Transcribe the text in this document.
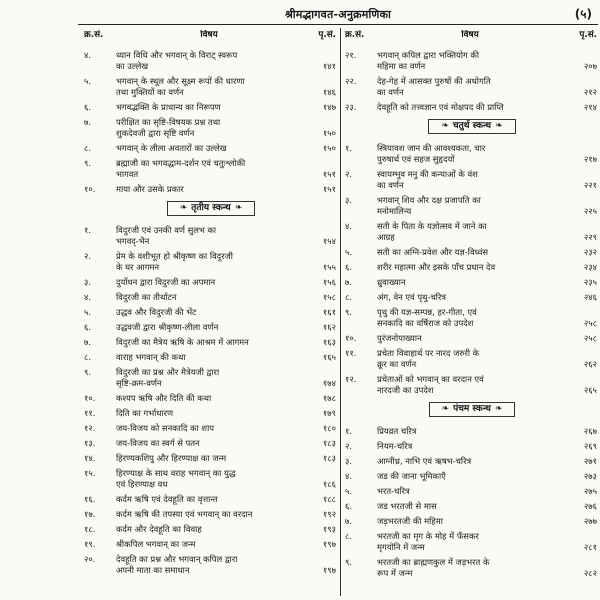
श्रीमद्भागवत-अनुक्रमणिका	(५)
क्र.सं.	विषय	पृ.सं.
४.	ध्यान विधि और भगवान् के विराट् स्वरूप
का उल्लेख	१४१
५.	भगवान् के स्थूल और सूक्ष्म रूपों की धारणा
तथा मुक्तियों का वर्णन	१४६
६.	भगवद्भक्ति के प्राधान्य का निरूपण	१४७
७.	परीक्षित का सृष्टि-विषयक प्रश्न तथा
शुकदेवजी द्वारा सृष्टि वर्णन	१५०
८.	भगवान् के लीला अवतारों का उल्लेख	१५०
९.	ब्रह्माजी का भगवद्धाम-दर्शन एवं चतुःश्लोकी
भागवत	१५१
१०.	माया और उसके प्रकार	१५१
❧ तृतीय स्कन्ध ❧
१.	विदुरजी एवं उनकी वर्ण सुलभ का
भगवद्-भैन	१५४
२.	प्रेम के वशीभूत हो श्रीकृष्ण का विदुरजी
के घर आगमन	१५५
३.	दुर्योधन द्वारा विदुरजी का अपमान	१५६
४.	विदुरजी का तीर्थाटन	१५८
५.	उद्धव और विदुरजी की भेंट	१६१
६.	उद्धवजी द्वारा श्रीकृष्ण-लीला वर्णन	१६२
७.	विदुरजी का मैत्रेय ऋषि के आश्रम में आगमन	१६३
८.	वाराह भगवान् की कथा	१६५
९.	विदुरजी का प्रश्न और मैत्रेयजी द्वारा
सृष्टि-क्रम-वर्णन	१७४
१०.	कश्यप ऋषि और दिति की कथा	१७८
११.	दिति का गर्भाधारण	१७९
१२.	जय-विजय को सनकादि का शाप	१८०
१३.	जय-विजय का स्वर्ग से पतन	१८३
१४.	हिरण्यकशिपु और हिरण्याक्ष का जन्म	१८३
१५.	हिरण्याक्ष के साथ वराह भगवान् का युद्ध
एवं हिरण्याक्ष वध	१८६
१६.	कर्दम ऋषि एवं देवहूति का वृत्तान्त	१८८
१७.	कर्दम ऋषि की तपस्या एवं भगवान् का वरदान	१९२
१८.	कर्दम और देवहूति का विवाह	१९३
१९.	श्रीकपिल भगवान् का जन्म	१९७
२०.	देवहूति का प्रश्न और भगवान् कपिल द्वारा
अपनी माता का समाधान	१९७
क्र.सं.	विषय	पृ.सं.
२१.	भगवान् कपिल द्वारा भक्तियोग की
महिमा का वर्णन	२०७
२२.	देह-गेह में आसक्त पुरुषों की अधोगति
का वर्णन	२१२
२३.	देवहूति को तत्त्वज्ञान एवं मोक्षपद की प्राप्ति	२१४
❧ चतुर्थ स्कन्ध ❧
१.	स्त्रियावश जान की आवश्यकता, चार
पुरुषार्थ एवं सहज सुहृदयों	२१७
२.	स्वायम्भुव मनु की कन्याओं के वंश
का वर्णन	२२१
३.	भगवान् शिव और दक्ष प्रजापति का
मनोमालिन्य	२२५
४.	सती के पिता के यज्ञोत्सव में जाने का
आग्रह	२२९
५.	सती का अग्नि-प्रवेश और यज्ञ-विध्वंस	२३२
६.	शरीर महात्मा और इसके पाँच प्रधान देव	२३४
७.	ध्रुवाख्यान	२३५
८.	अंग, वेन एवं पृथु-चरित्र	२४६
९.	पृथु की यज्ञ-सम्पन्न, हर-गीता, एवं
सनकादि का वर्षिराज को उपदेश	२५८
१०.	पुरंजनोपाख्यान	२५८
११.	प्रचेता विवाहार्थ पर नारद जरुरी के
क्रूर का वर्णन	२६२
१२.	प्रचेताओं को भगवान् का वरदान एवं
नारदजी का उपदेश	२६५
❧ पंचम स्कन्ध ❧
१.	प्रियव्रत चरित्र	२६७
२.	नियम-चरित्र	२६९
३.	आग्नीध्र, नाभि एवं ऋषभ-चरित्र	२७१
४.	जड की जाना भूमिकाएँ	२७३
५.	भरत-चरित्र	२७५
६.	जड भरतजी से मास	२७६
७.	जड़भरतजी की महिमा	२७७
८.	भरतजी का मृग के मोह में फँसकर
मृगयोनि में जन्म	२८१
९.	भरतजी का ब्राह्मणकुल में जड़भरत के
रूप में जन्म	२८२
